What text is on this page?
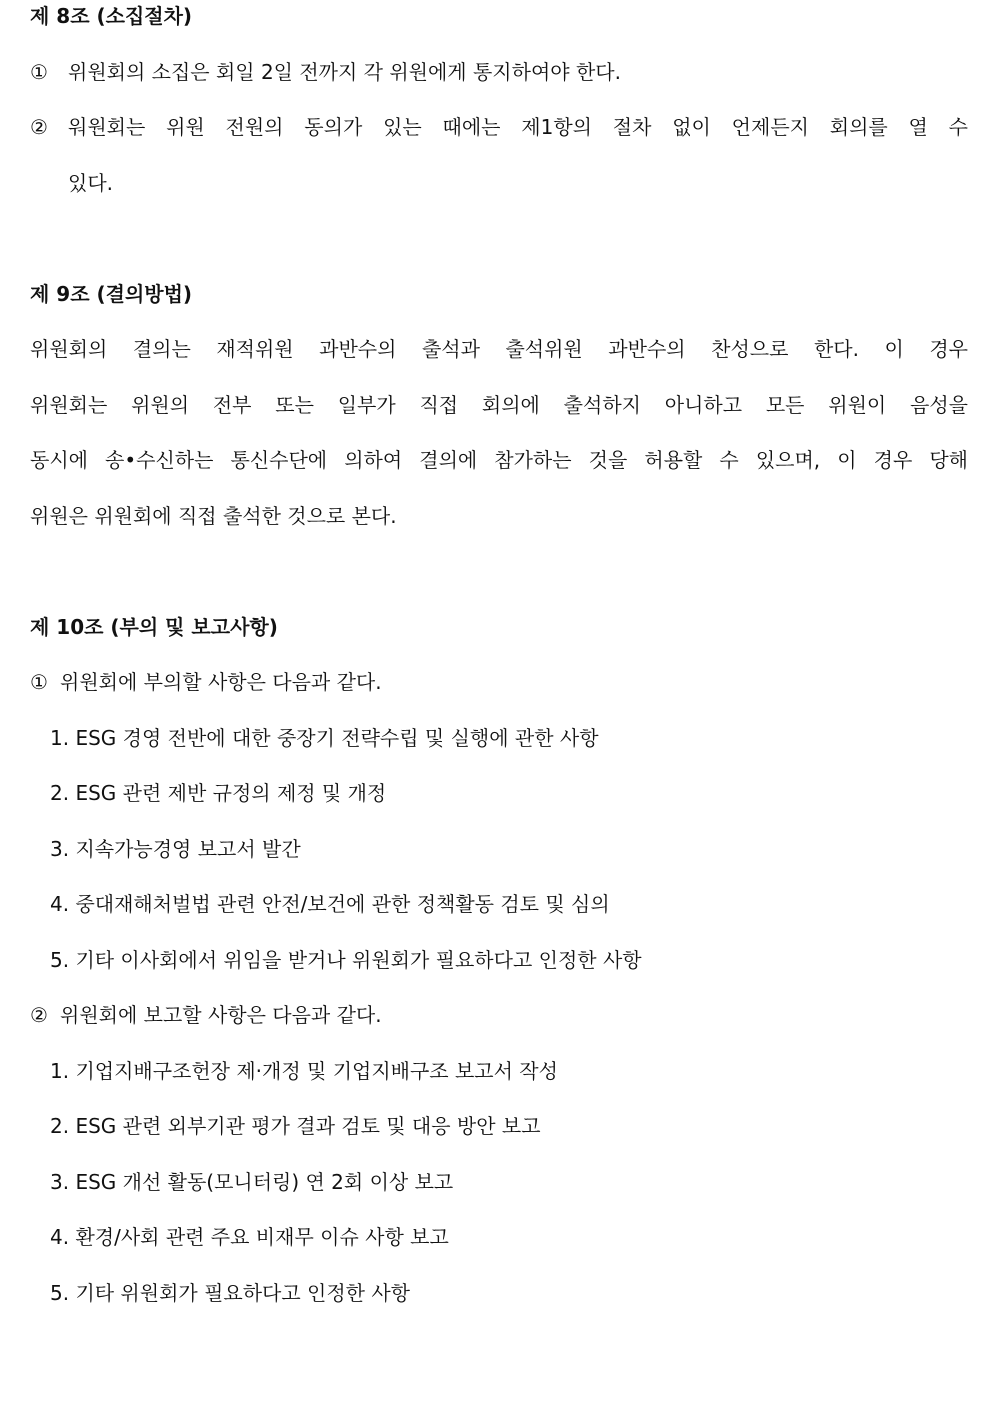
제 8조 (소집절차)
① 위원회의 소집은 회일 2일 전까지 각 위원에게 통지하여야 한다.
② 워원회는 위원 전원의 동의가 있는 때에는 제1항의 절차 없이 언제든지 회의를 열 수
있다.
제 9조 (결의방법)
위원회의 결의는 재적위원 과반수의 출석과 출석위원 과반수의 찬성으로 한다. 이 경우
위원회는 위원의 전부 또는 일부가 직접 회의에 출석하지 아니하고 모든 위원이 음성을
동시에 송•수신하는 통신수단에 의하여 결의에 참가하는 것을 허용할 수 있으며, 이 경우 당해
위원은 위원회에 직접 출석한 것으로 본다.
제 10조 (부의 및 보고사항)
① 위원회에 부의할 사항은 다음과 같다.
1. ESG 경영 전반에 대한 중장기 전략수립 및 실행에 관한 사항
2. ESG 관련 제반 규정의 제정 및 개정
3. 지속가능경영 보고서 발간
4. 중대재해처벌법 관련 안전/보건에 관한 정책활동 검토 및 심의
5. 기타 이사회에서 위임을 받거나 위원회가 필요하다고 인정한 사항
② 위원회에 보고할 사항은 다음과 같다.
1. 기업지배구조헌장 제·개정 및 기업지배구조 보고서 작성
2. ESG 관련 외부기관 평가 결과 검토 및 대응 방안 보고
3. ESG 개선 활동(모니터링) 연 2회 이상 보고
4. 환경/사회 관련 주요 비재무 이슈 사항 보고
5. 기타 위원회가 필요하다고 인정한 사항
